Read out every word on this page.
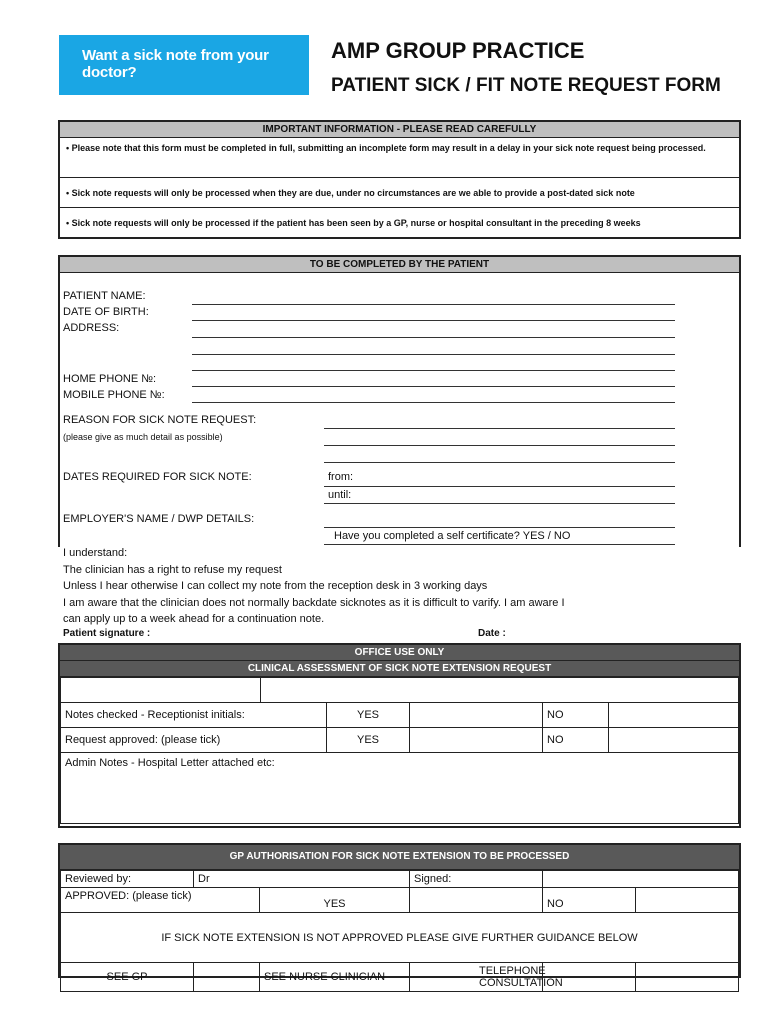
Want a sick note from your
doctor?
AMP GROUP PRACTICE
PATIENT SICK / FIT NOTE REQUEST FORM
IMPORTANT INFORMATION - PLEASE READ CAREFULLY
• Please note that this form must be completed in full, submitting an incomplete form may result in a delay in your sick note request being processed.
• Sick note requests will only be processed when they are due, under no circumstances are we able to provide a post-dated sick note
• Sick note requests will only be processed if the patient has been seen by a GP, nurse or hospital consultant in the preceding 8 weeks
TO BE COMPLETED BY THE PATIENT
PATIENT NAME:
DATE OF BIRTH:
ADDRESS:
HOME PHONE №:
MOBILE PHONE №:
REASON FOR SICK NOTE REQUEST:
(please give as much detail as possible)
DATES REQUIRED FOR SICK NOTE:	from:
until:
EMPLOYER'S NAME / DWP DETAILS:
Have you completed a self certificate? YES / NO
I understand:
The clinician has a right to refuse my request
Unless I hear otherwise I can collect my note from the reception desk in 3 working days
I am aware that the clinician does not normally backdate sicknotes as it is difficult to varify. I am aware I
can apply up to a week ahead for a continuation note.
Patient signature :	Date :
OFFICE USE ONLY
CLINICAL ASSESSMENT OF SICK NOTE EXTENSION REQUEST

Notes checked - Receptionist initials:		YES		NO	
Request approved: (please tick)		YES		NO	
Admin Notes - Hospital Letter attached etc:					
GP AUTHORISATION FOR SICK NOTE EXTENSION TO BE PROCESSED
Reviewed by:	Dr		Signed:		
APPROVED: (please tick)		YES		NO	
IF SICK NOTE EXTENSION IS NOT APPROVED PLEASE GIVE FURTHER GUIDANCE BELOW					
SEE GP		SEE NURSE CLINICIAN		TELEPHONE CONSULTATION	
